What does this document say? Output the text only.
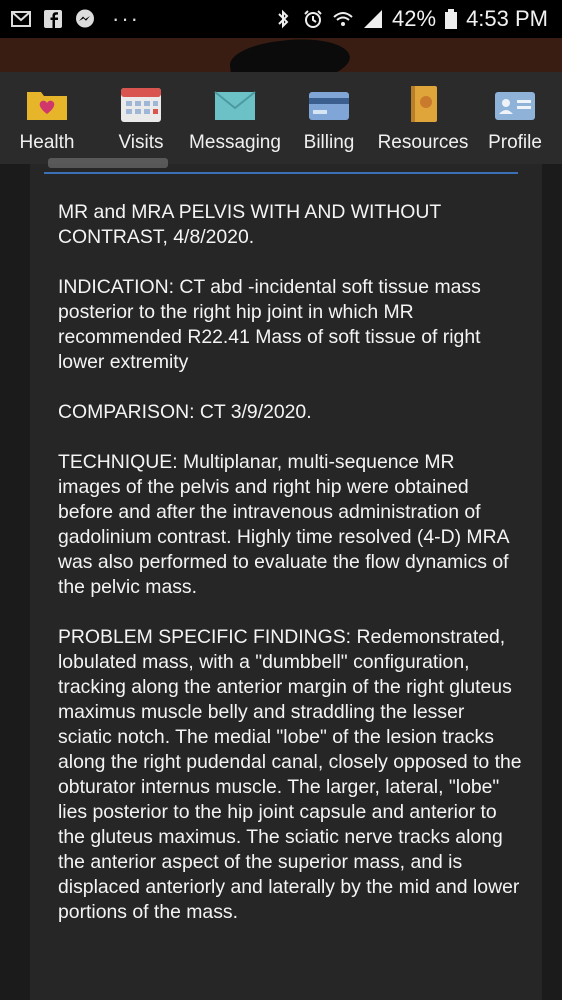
···	42% 4:53 PM
Health	Visits	Messaging	Billing	Resources	Profile

MR and MRA PELVIS WITH AND WITHOUT CONTRAST, 4/8/2020.

INDICATION: CT abd -incidental soft tissue mass posterior to the right hip joint in which MR recommended R22.41 Mass of soft tissue of right lower extremity

COMPARISON: CT 3/9/2020.

TECHNIQUE: Multiplanar, multi-sequence MR images of the pelvis and right hip were obtained before and after the intravenous administration of gadolinium contrast. Highly time resolved (4-D) MRA was also performed to evaluate the flow dynamics of the pelvic mass.

PROBLEM SPECIFIC FINDINGS: Redemonstrated, lobulated mass, with a "dumbbell" configuration, tracking along the anterior margin of the right gluteus maximus muscle belly and straddling the lesser sciatic notch. The medial "lobe" of the lesion tracks along the right pudendal canal, closely opposed to the obturator internus muscle. The larger, lateral, "lobe" lies posterior to the hip joint capsule and anterior to the gluteus maximus. The sciatic nerve tracks along the anterior aspect of the superior mass, and is displaced anteriorly and laterally by the mid and lower portions of the mass.
